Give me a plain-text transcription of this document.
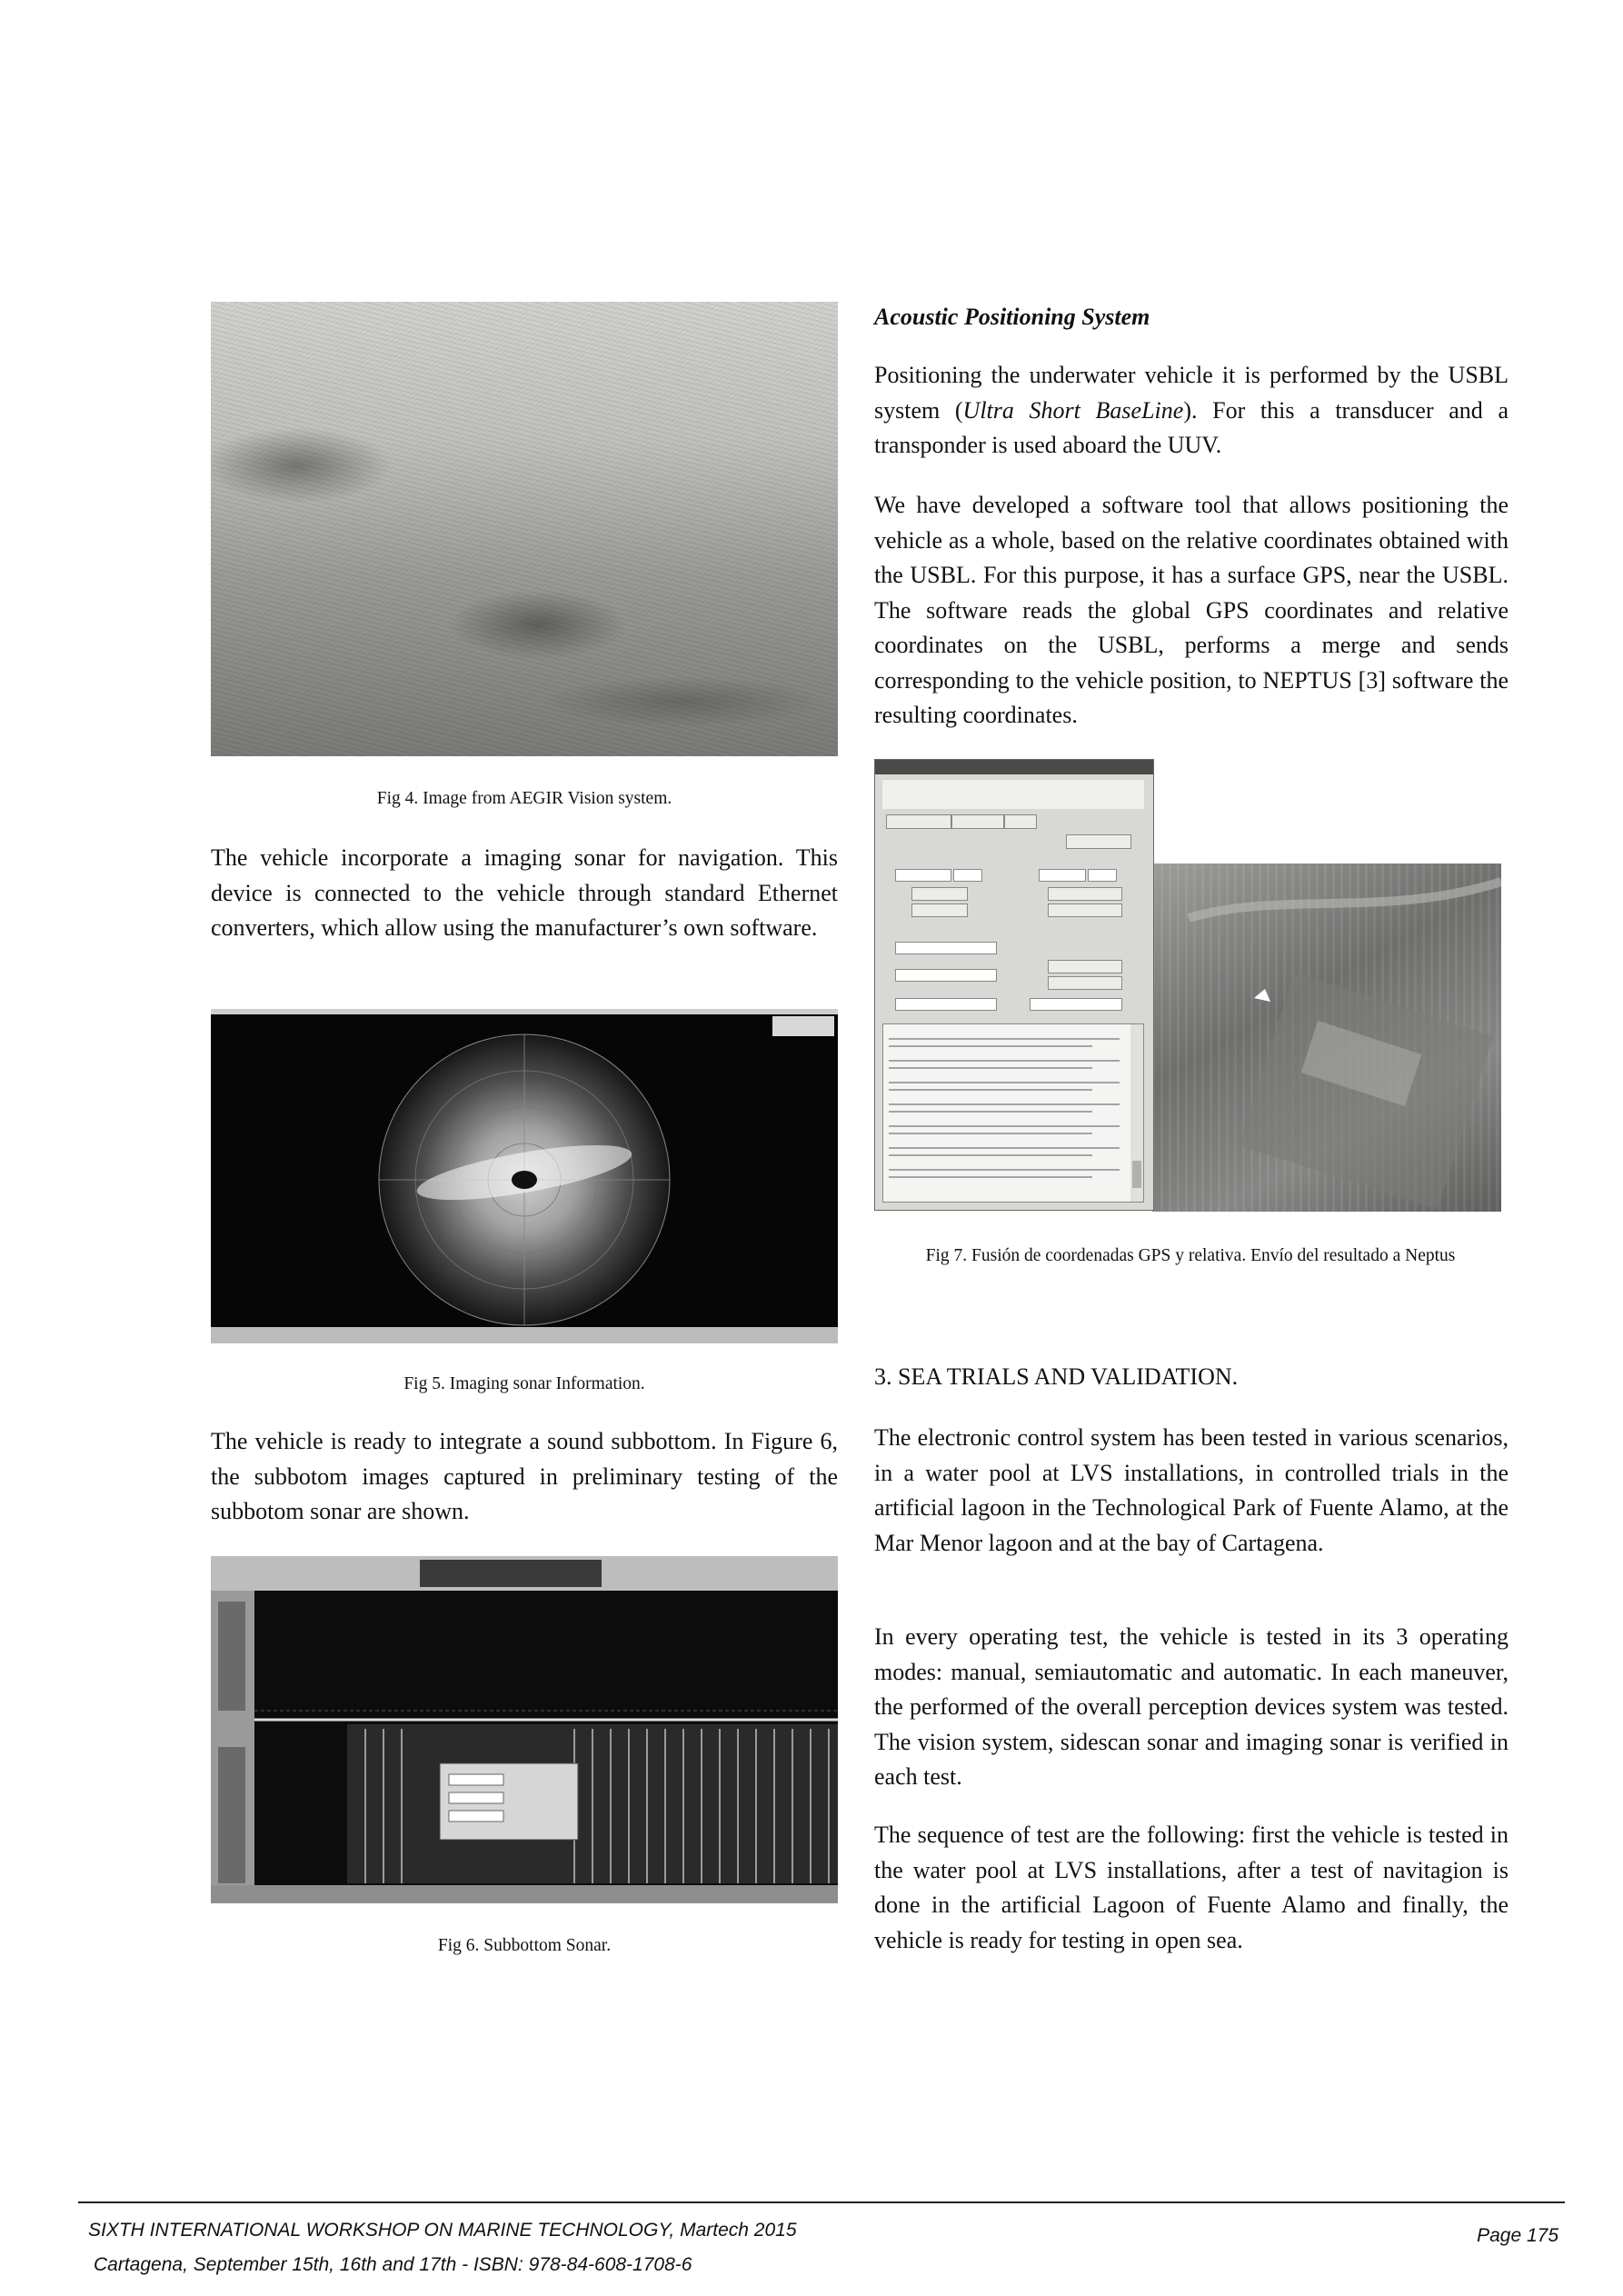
Fig 4. Image from AEGIR Vision system.

The vehicle incorporate a imaging sonar for navigation. This device is connected to the vehicle through standard Ethernet converters, which allow using the manufacturer’s own software.

Fig 5. Imaging sonar Information.

The vehicle is ready to integrate a sound subbottom. In Figure 6, the subbotom images captured in preliminary testing of the subbotom sonar are shown.

Fig 6. Subbottom Sonar.

Acoustic Positioning System

Positioning the underwater vehicle it is performed by the USBL system (Ultra Short BaseLine). For this a transducer and a transponder is used aboard the UUV.

We have developed a software tool that allows positioning the vehicle as a whole, based on the relative coordinates obtained with the USBL. For this purpose, it has a surface GPS, near the USBL. The software reads the global GPS coordinates and relative coordinates on the USBL, performs a merge and sends corresponding to the vehicle position, to NEPTUS [3] software the resulting coordinates.

Fig 7. Fusión de coordenadas GPS y relativa. Envío del resultado a Neptus

3. SEA TRIALS AND VALIDATION.

The electronic control system has been tested in various scenarios, in a water pool at LVS installations, in controlled trials in the artificial lagoon in the Technological Park of Fuente Alamo, at the Mar Menor lagoon and at the bay of Cartagena.

In every operating test, the vehicle is tested in its 3 operating modes: manual, semiautomatic and automatic. In each maneuver, the performed of the overall perception devices system was tested. The vision system, sidescan sonar and imaging sonar is verified in each test.

The sequence of test are the following: first the vehicle is tested in the water pool at LVS installations, after a test of navitagion is done in the artificial Lagoon of Fuente Alamo and finally, the vehicle is ready for testing in open sea.

SIXTH INTERNATIONAL WORKSHOP ON MARINE TECHNOLOGY, Martech 2015
Cartagena, September 15th, 16th and 17th - ISBN: 978-84-608-1708-6
Page 175
